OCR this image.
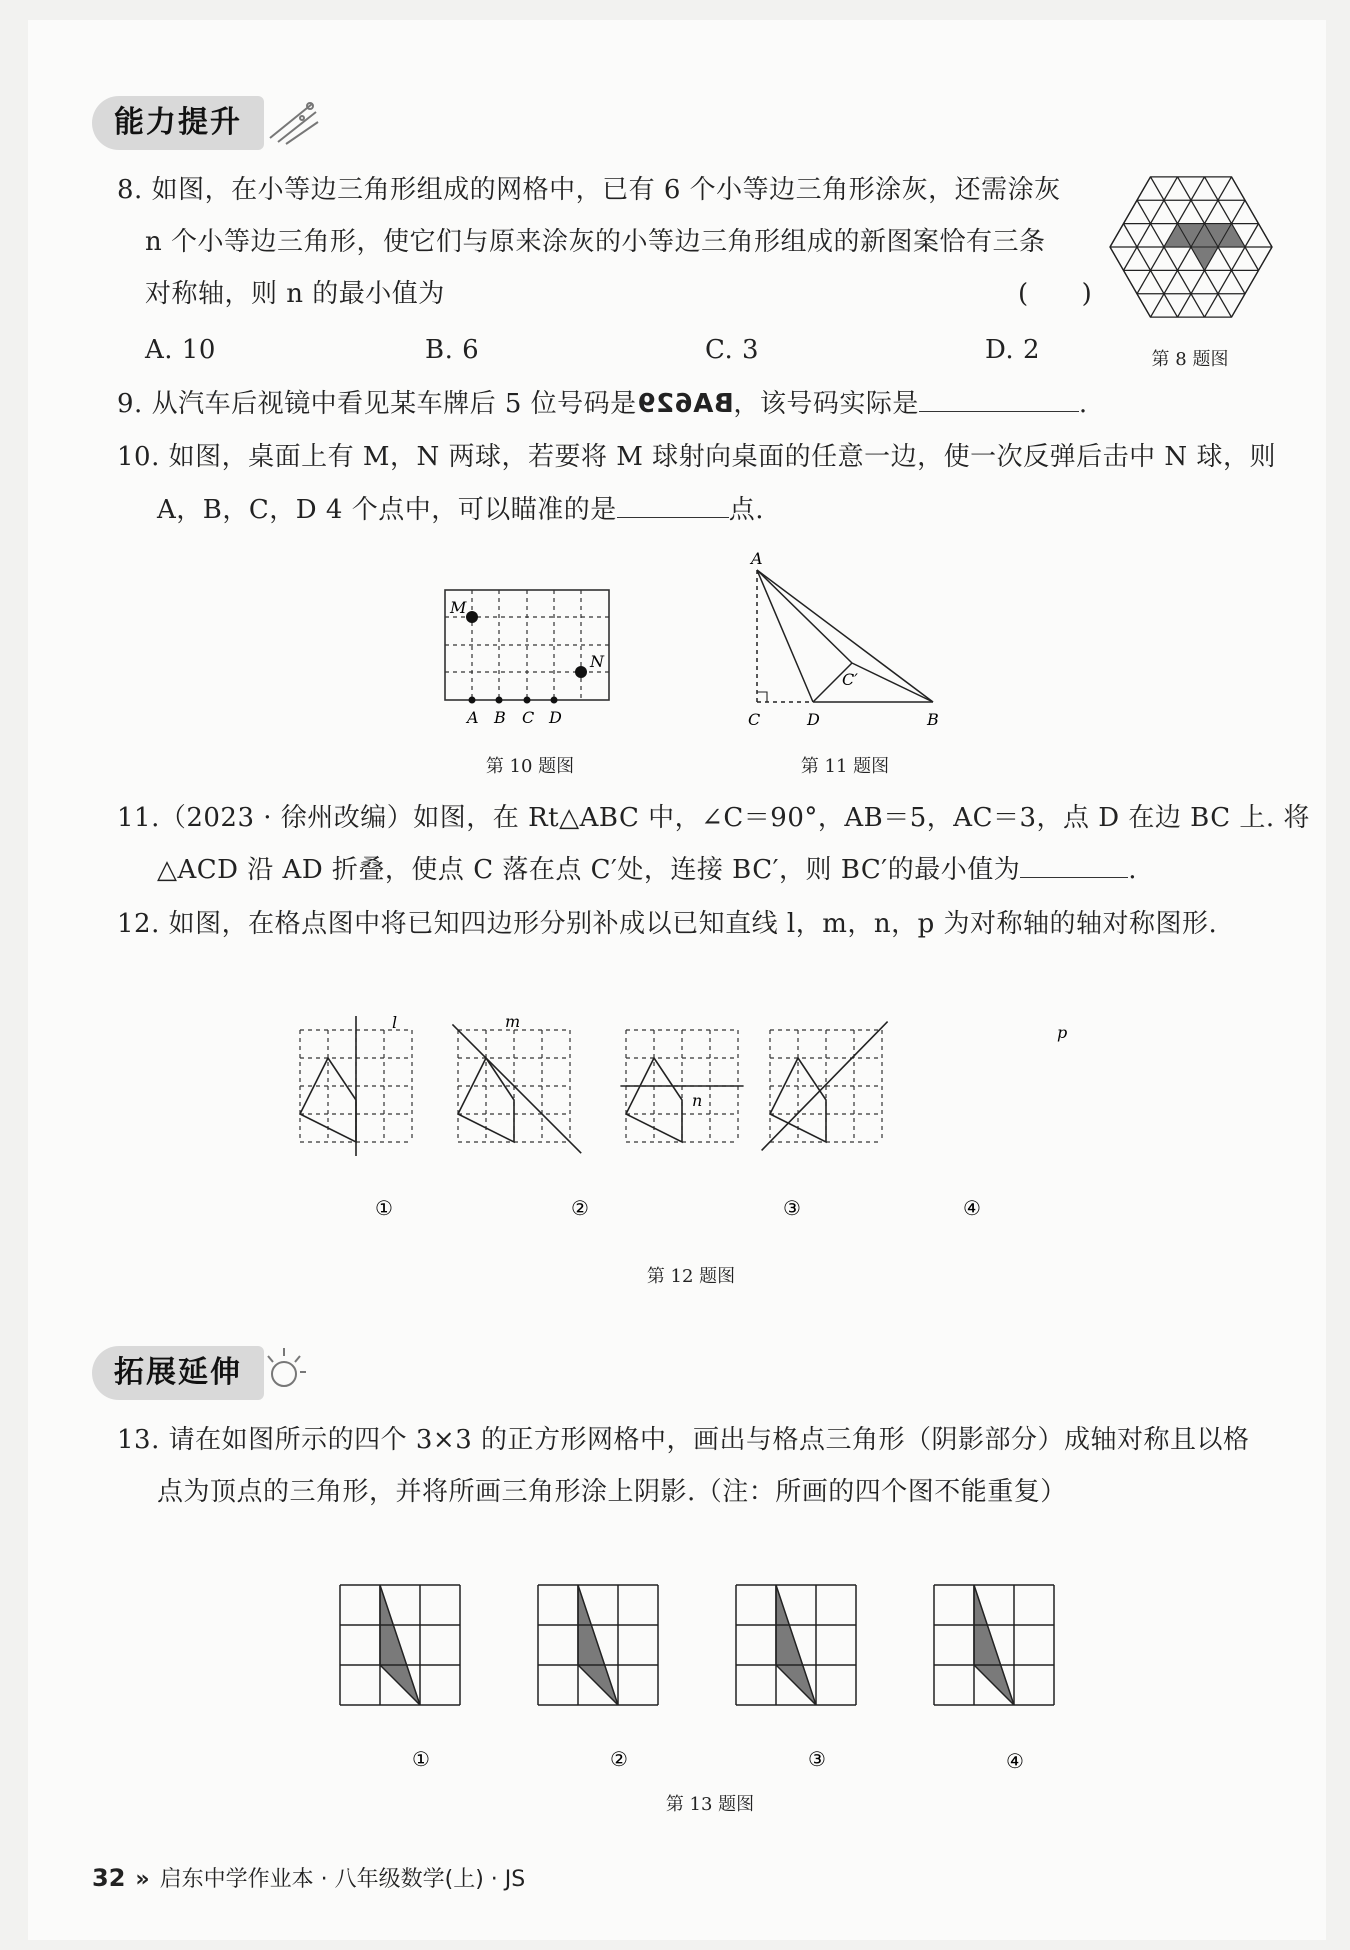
能力提升
8. 如图，在小等边三角形组成的网格中，已有 6 个小等边三角形涂灰，还需涂灰
n 个小等边三角形，使它们与原来涂灰的小等边三角形组成的新图案恰有三条
对称轴，则 n 的最小值为	(　　)
A. 10	B. 6	C. 3	D. 2	第 8 题图
9. 从汽车后视镜中看见某车牌后 5 位号码是BA629，该号码实际是	.
10. 如图，桌面上有 M，N 两球，若要将 M 球射向桌面的任意一边，使一次反弹后击中 N 球，则
A，B，C，D 4 个点中，可以瞄准的是	点.
M
N
A B C D
第 10 题图
A
C′
C	D	B
第 11 题图
11.（2023 · 徐州改编）如图，在 Rt△ABC 中，∠C＝90°，AB＝5，AC＝3，点 D 在边 BC 上. 将
△ACD 沿 AD 折叠，使点 C 落在点 C′处，连接 BC′，则 BC′的最小值为	.
12. 如图，在格点图中将已知四边形分别补成以已知直线 l，m，n，p 为对称轴的轴对称图形.
l	m
n
p
①	②	③	④
第 12 题图
拓展延伸
13. 请在如图所示的四个 3×3 的正方形网格中，画出与格点三角形（阴影部分）成轴对称且以格
点为顶点的三角形，并将所画三角形涂上阴影.（注：所画的四个图不能重复）
①	②	③	④
第 13 题图
32 » 启东中学作业本 · 八年级数学(上) · JS
